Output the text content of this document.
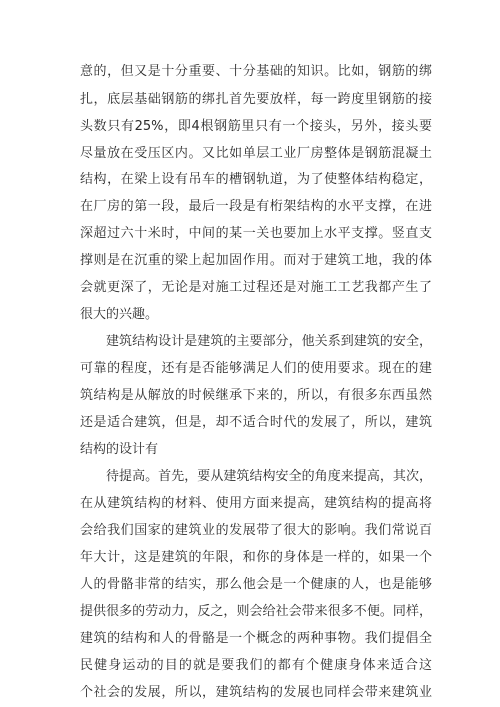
意的，但又是十分重要、十分基础的知识。比如，钢筋的绑
扎，底层基础钢筋的绑扎首先要放样，每一跨度里钢筋的接
头数只有25%，即4根钢筋里只有一个接头，另外，接头要
尽量放在受压区内。又比如单层工业厂房整体是钢筋混凝土
结构，在梁上设有吊车的槽钢轨道，为了使整体结构稳定，
在厂房的第一段，最后一段是有桁架结构的水平支撑，在进
深超过六十米时，中间的某一关也要加上水平支撑。竖直支
撑则是在沉重的梁上起加固作用。而对于建筑工地，我的体
会就更深了，无论是对施工过程还是对施工工艺我都产生了
很大的兴趣。
建筑结构设计是建筑的主要部分，他关系到建筑的安全，
可靠的程度，还有是否能够满足人们的使用要求。现在的建
筑结构是从解放的时候继承下来的，所以，有很多东西虽然
还是适合建筑，但是，却不适合时代的发展了，所以，建筑
结构的设计有
待提高。首先，要从建筑结构安全的角度来提高，其次，
在从建筑结构的材料、使用方面来提高，建筑结构的提高将
会给我们国家的建筑业的发展带了很大的影响。我们常说百
年大计，这是建筑的年限，和你的身体是一样的，如果一个
人的骨骼非常的结实，那么他会是一个健康的人，也是能够
提供很多的劳动力，反之，则会给社会带来很多不便。同样，
建筑的结构和人的骨骼是一个概念的两种事物。我们提倡全
民健身运动的目的就是要我们的都有个健康身体来适合这
个社会的发展，所以，建筑结构的发展也同样会带来建筑业
